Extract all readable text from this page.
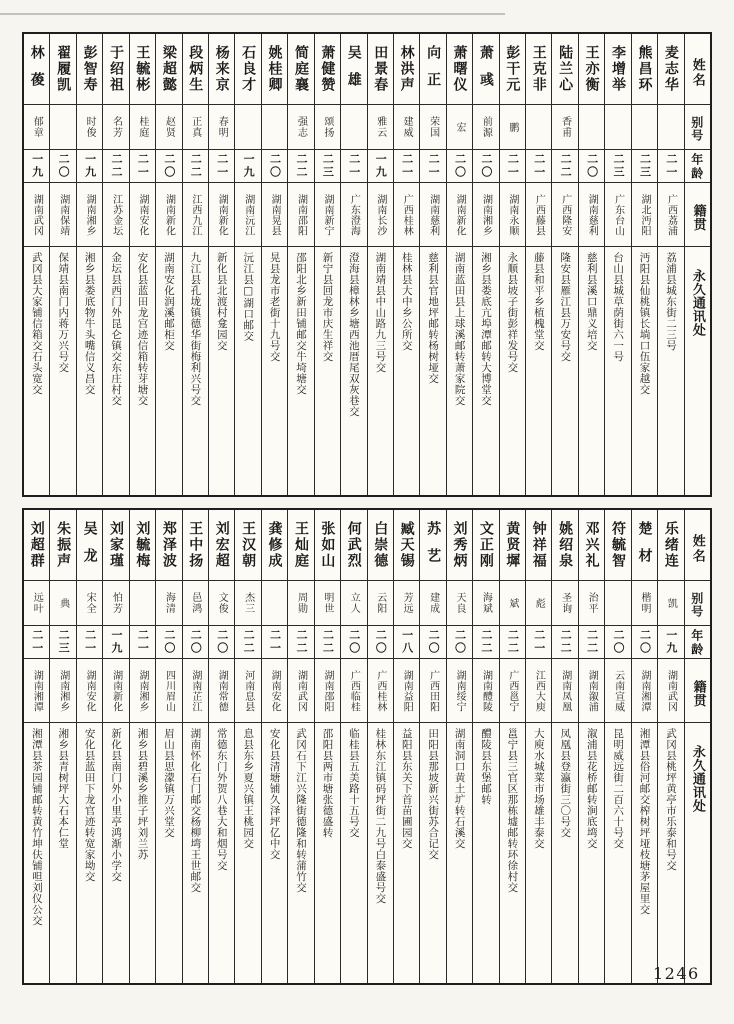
姓名
别号
年龄
籍贯
永久通讯处
麦志华
二一
广西荔浦
荔浦县城东街二三号
熊昌环
二三
湖北沔阳
沔阳县仙桃镇长埫口伍家越交
李增举
二三
广东台山
台山县城草荫街六一号
王亦衡
二〇
湖南慈利
慈利县溪口鼎义培交
陆兰心
香甫
二二
广西隆安
隆安县雁江县万安号交
王克非
二一
广西藤县
藤县和平乡植槐堂交
彭干元
鹏
二一
湖南永顺
永顺县坡子街彭祥发号交
萧彧
前源
二〇
湖南湘乡
湘乡县娄底亢埠潭邮转大博堂交
萧曙仪
宏
二〇
湖南新化
湖南蓝田县上球溪邮转萧家院交
向正
荣国
二一
湖南慈利
慈利县官地坪邮转杨树垭交
林洪声
建威
二一
广西桂林
桂林县大中乡公所交
田景春
雅云
一九
湖南长沙
湖南靖县中山路九三号交
吴雄
二一
广东澄海
澄海县樟林乡塘西池厝尾双灰巷交
萧健赞
颂扬
二三
湖南新宁
新宁县回龙市庆生祥交
简庭襄
强志
二二
湖南邵阳
邵阳北乡新田铺邮交牛埼塘交
姚桂卿
二〇
湖南晃县
晃县龙市老街十九号交
石良才
一九
湖南沅江
沅江县□湖口邮交
杨来京
春明
二一
湖南新化
新化县北渡村龛园交
段炳生
正真
二二
江西九江
九江县孔垅镇德华街梅利兴号交
梁超懿
赵贤
二〇
湖南新化
湖南安化润溪邮柜交
王毓彬
桂庭
二一
湖南安化
安化县蓝田龙宫迹信箱转芽塘交
于绍祖
名芳
二二
江苏金坛
金坛县西门外昆仑镇交东庄村交
彭智寿
时俊
一九
湖南湘乡
湘乡县娄底物牛头嘴信义昌交
翟履凯
二〇
湖南保靖
保靖县南门内蒋万兴号交
林葰
郁章
一九
湖南武冈
武冈县大家铺信箱交石头宽交
姓名
别号
年龄
籍贯
永久通讯处
乐绪连
凯
一九
湖南武冈
武冈县桃坪黄亭市乐泰和号交
楚材
楷明
二〇
湖南湘潭
湘潭县俗河邮交榨树坪垭枝塘茅屋里交
符毓智
二〇
云南宣威
昆明威远街二百六十号交
邓兴礼
治平
二二
湖南溆浦
溆浦县花桥邮转涧底塆交
姚绍泉
圣询
二二
湖南凤凰
凤凰县登瀛街三〇号交
钟祥福
彪
二一
江西大庾
大庾水城菜市场雄丰泰交
黄贤墀
斌
二二
广西邕宁
邕宁县三官区那栋墟邮转环徐村交
文正刚
海斌
二二
湖南醴陵
醴陵县东堡邮转
刘秀炳
天良
二〇
湖南绥宁
湖南洞口黄土圹转石溪交
苏艺
建成
二〇
广西田阳
田阳县那坡新兴街苏合记交
臧天锡
芳远
一八
湖南益阳
益阳县东关下首苗圃园交
白崇德
云阳
二〇
广西桂林
桂林东江镇码坪街二九号白泰盛号交
何武烈
立人
二〇
广西临桂
临桂县五美路十五号交
张如山
明世
二二
湖南邵阳
邵阳县两市塘张德盛转
王灿庭
周勋
二二
湖南武冈
武冈石下江兴隆街德隆和转蒲竹交
龚修成
二一
湖南安化
安化县清塘铺久泽坪亿中交
王汉朝
杰三
二二
河南息县
息县东乡夏兴镇王桃园交
刘宏超
文俊
二〇
湖南常德
常德东门外贺八巷大和烟号交
王中扬
邑鸿
二〇
湖南芷江
湖南怀化石门邮交杨柳塆王世邮交
郑泽波
海清
二〇
四川眉山
眉山县思濛镇万兴堂交
刘毓梅
二一
湖南湘乡
湘乡县碧溪乡推子坪刘兰苏
刘家瑾
怕芳
一九
湖南新化
新化县南门外小里亭鸿渐小学交
吴龙
宋全
二一
湖南安化
安化县蓝田下龙官迹转宽家坳交
朱振声
典
二三
湖南湘乡
湘乡县青树坪大石本仁堂
刘超群
远叶
二一
湖南湘潭
湘潭县茶园铺邮转黄竹坤伕铺呾刘仪公交
1246
